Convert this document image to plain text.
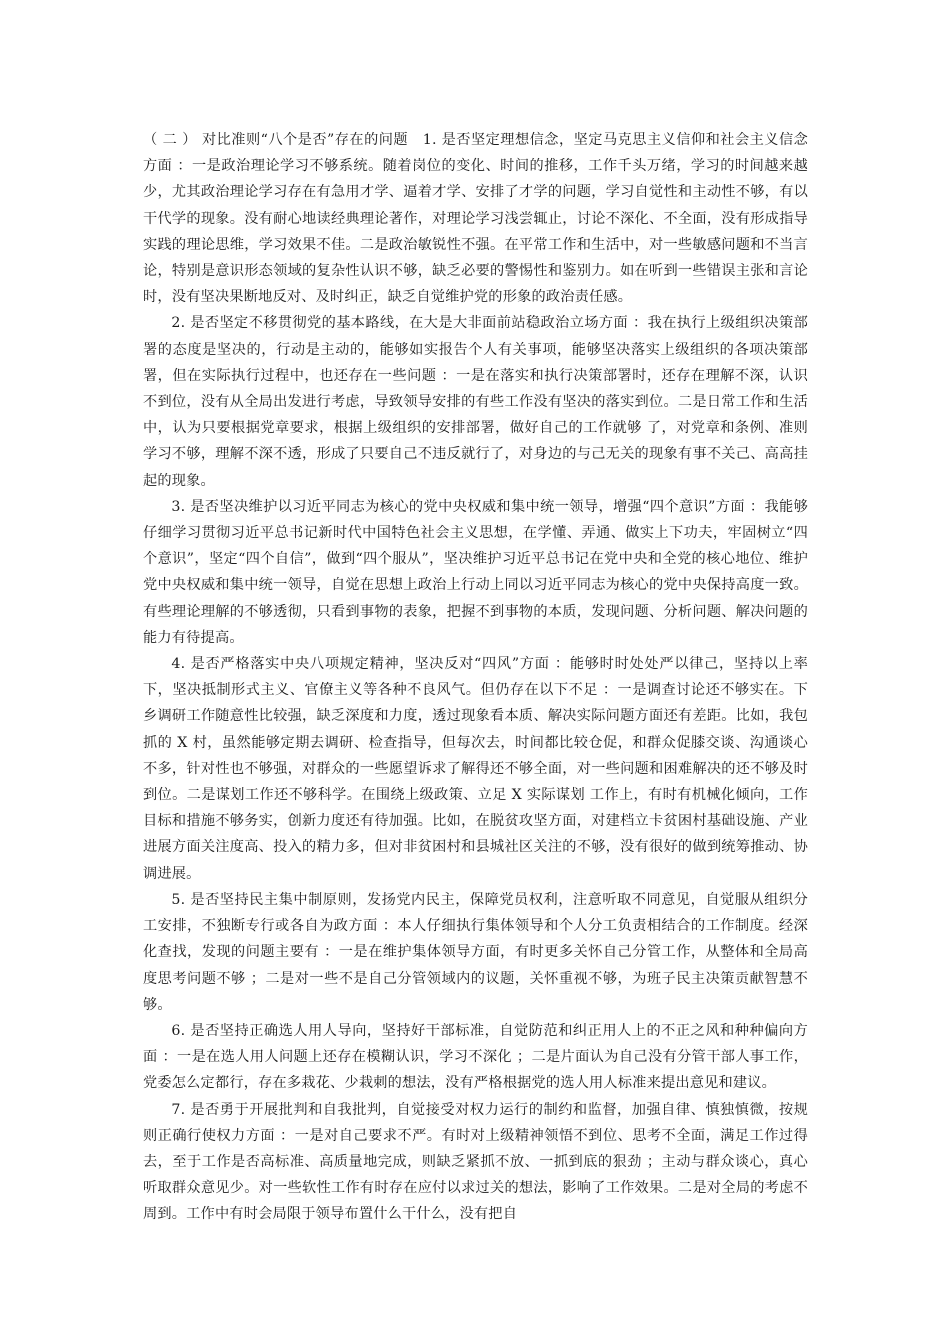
（ 二 ） 对比准则“八个是否”存在的问题　1. 是否坚定理想信念，坚定马克思主义信仰和社会主义信念方面 ：一是政治理论学习不够系统。随着岗位的变化、时间的推移，工作千头万绪，学习的时间越来越少，尤其政治理论学习存在有急用才学、逼着才学、安排了才学的问题，学习自觉性和主动性不够，有以干代学的现象。没有耐心地读经典理论著作，对理论学习浅尝辄止，讨论不深化、不全面，没有形成指导实践的理论思维，学习效果不佳。二是政治敏锐性不强。在平常工作和生活中，对一些敏感问题和不当言论，特别是意识形态领域的复杂性认识不够，缺乏必要的警惕性和鉴别力。如在听到一些错误主张和言论时，没有坚决果断地反对、及时纠正，缺乏自觉维护党的形象的政治责任感。

2. 是否坚定不移贯彻党的基本路线，在大是大非面前站稳政治立场方面 ：我在执行上级组织决策部署的态度是坚决的，行动是主动的，能够如实报告个人有关事项，能够坚决落实上级组织的各项决策部署，但在实际执行过程中，也还存在一些问题 ：一是在落实和执行决策部署时，还存在理解不深，认识不到位，没有从全局出发进行考虑，导致领导安排的有些工作没有坚决的落实到位。二是日常工作和生活中，认为只要根据党章要求，根据上级组织的安排部署，做好自己的工作就够 了，对党章和条例、准则学习不够，理解不深不透，形成了只要自己不违反就行了，对身边的与己无关的现象有事不关己、高高挂起的现象。

3. 是否坚决维护以习近平同志为核心的党中央权威和集中统一领导，增强“四个意识”方面 ：我能够仔细学习贯彻习近平总书记新时代中国特色社会主义思想，在学懂、弄通、做实上下功夫，牢固树立“四个意识”，坚定“四个自信”，做到“四个服从”，坚决维护习近平总书记在党中央和全党的核心地位、维护党中央权威和集中统一领导，自觉在思想上政治上行动上同以习近平同志为核心的党中央保持高度一致。有些理论理解的不够透彻，只看到事物的表象，把握不到事物的本质，发现问题、分析问题、解决问题的能力有待提高。

4. 是否严格落实中央八项规定精神，坚决反对“四风”方面 ：能够时时处处严以律己，坚持以上率下，坚决抵制形式主义、官僚主义等各种不良风气。但仍存在以下不足 ：一是调查讨论还不够实在。下乡调研工作随意性比较强，缺乏深度和力度，透过现象看本质、解决实际问题方面还有差距。比如，我包抓的 X 村，虽然能够定期去调研、检查指导，但每次去，时间都比较仓促，和群众促膝交谈、沟通谈心不多，针对性也不够强，对群众的一些愿望诉求了解得还不够全面，对一些问题和困难解决的还不够及时到位。二是谋划工作还不够科学。在围绕上级政策、立足 X 实际谋划 工作上，有时有机械化倾向，工作目标和措施不够务实，创新力度还有待加强。比如，在脱贫攻坚方面，对建档立卡贫困村基础设施、产业进展方面关注度高、投入的精力多，但对非贫困村和县城社区关注的不够，没有很好的做到统筹推动、协调进展。

5. 是否坚持民主集中制原则，发扬党内民主，保障党员权利，注意听取不同意见，自觉服从组织分工安排，不独断专行或各自为政方面 ：本人仔细执行集体领导和个人分工负责相结合的工作制度。经深化查找，发现的问题主要有 ：一是在维护集体领导方面，有时更多关怀自己分管工作，从整体和全局高度思考问题不够 ；二是对一些不是自己分管领域内的议题，关怀重视不够，为班子民主决策贡献智慧不够。

6. 是否坚持正确选人用人导向，坚持好干部标准，自觉防范和纠正用人上的不正之风和种种偏向方面 ：一是在选人用人问题上还存在模糊认识，学习不深化 ；二是片面认为自己没有分管干部人事工作，党委怎么定都行，存在多栽花、少栽刺的想法，没有严格根据党的选人用人标准来提出意见和建议。

7. 是否勇于开展批判和自我批判，自觉接受对权力运行的制约和监督，加强自律、慎独慎微，按规则正确行使权力方面 ：一是对自己要求不严。有时对上级精神领悟不到位、思考不全面，满足工作过得去，至于工作是否高标准、高质量地完成，则缺乏紧抓不放、一抓到底的狠劲 ；主动与群众谈心，真心听取群众意见少。对一些软性工作有时存在应付以求过关的想法，影响了工作效果。二是对全局的考虑不周到。工作中有时会局限于领导布置什么干什么，没有把自
